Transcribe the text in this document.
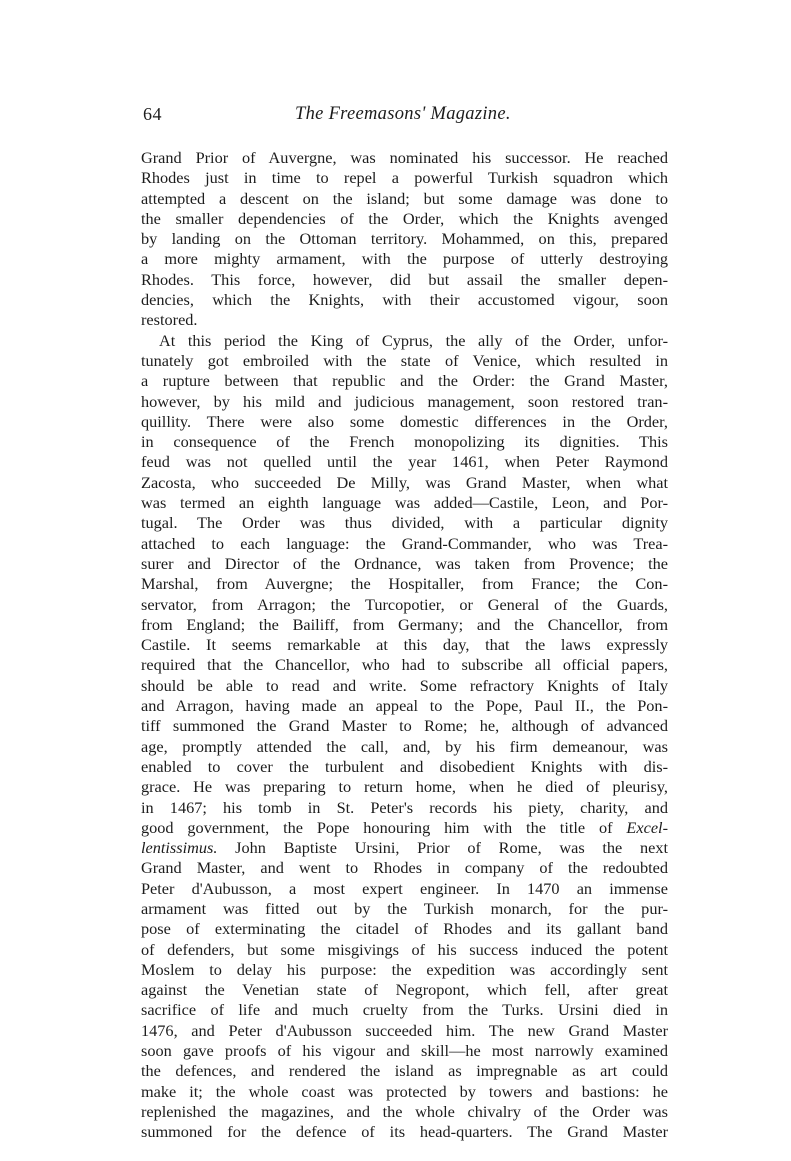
64	The Freemasons' Magazine.
Grand Prior of Auvergne, was nominated his successor. He reached
Rhodes just in time to repel a powerful Turkish squadron which
attempted a descent on the island; but some damage was done to
the smaller dependencies of the Order, which the Knights avenged
by landing on the Ottoman territory. Mohammed, on this, prepared
a more mighty armament, with the purpose of utterly destroying
Rhodes. This force, however, did but assail the smaller depen-
dencies, which the Knights, with their accustomed vigour, soon
restored.
At this period the King of Cyprus, the ally of the Order, unfor-
tunately got embroiled with the state of Venice, which resulted in
a rupture between that republic and the Order: the Grand Master,
however, by his mild and judicious management, soon restored tran-
quillity. There were also some domestic differences in the Order,
in consequence of the French monopolizing its dignities. This
feud was not quelled until the year 1461, when Peter Raymond
Zacosta, who succeeded De Milly, was Grand Master, when what
was termed an eighth language was added—Castile, Leon, and Por-
tugal. The Order was thus divided, with a particular dignity
attached to each language: the Grand-Commander, who was Trea-
surer and Director of the Ordnance, was taken from Provence; the
Marshal, from Auvergne; the Hospitaller, from France; the Con-
servator, from Arragon; the Turcopotier, or General of the Guards,
from England; the Bailiff, from Germany; and the Chancellor, from
Castile. It seems remarkable at this day, that the laws expressly
required that the Chancellor, who had to subscribe all official papers,
should be able to read and write. Some refractory Knights of Italy
and Arragon, having made an appeal to the Pope, Paul II., the Pon-
tiff summoned the Grand Master to Rome; he, although of advanced
age, promptly attended the call, and, by his firm demeanour, was
enabled to cover the turbulent and disobedient Knights with dis-
grace. He was preparing to return home, when he died of pleurisy,
in 1467; his tomb in St. Peter's records his piety, charity, and
good government, the Pope honouring him with the title of Excel-
lentissimus. John Baptiste Ursini, Prior of Rome, was the next
Grand Master, and went to Rhodes in company of the redoubted
Peter d'Aubusson, a most expert engineer. In 1470 an immense
armament was fitted out by the Turkish monarch, for the pur-
pose of exterminating the citadel of Rhodes and its gallant band
of defenders, but some misgivings of his success induced the potent
Moslem to delay his purpose: the expedition was accordingly sent
against the Venetian state of Negropont, which fell, after great
sacrifice of life and much cruelty from the Turks. Ursini died in
1476, and Peter d'Aubusson succeeded him. The new Grand Master
soon gave proofs of his vigour and skill—he most narrowly examined
the defences, and rendered the island as impregnable as art could
make it; the whole coast was protected by towers and bastions: he
replenished the magazines, and the whole chivalry of the Order was
summoned for the defence of its head-quarters. The Grand Master
